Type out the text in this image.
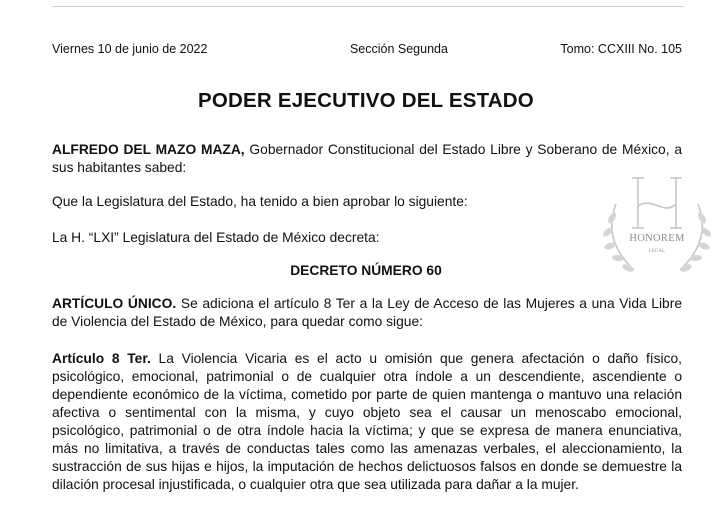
Viernes 10 de junio de 2022	Sección Segunda	Tomo: CCXIII No. 105
PODER EJECUTIVO DEL ESTADO
ALFREDO DEL MAZO MAZA, Gobernador Constitucional del Estado Libre y Soberano de México, a sus habitantes sabed:
Que la Legislatura del Estado, ha tenido a bien aprobar lo siguiente:
La H. “LXI” Legislatura del Estado de México decreta:
DECRETO NÚMERO 60
ARTÍCULO ÚNICO. Se adiciona el artículo 8 Ter a la Ley de Acceso de las Mujeres a una Vida Libre de Violencia del Estado de México, para quedar como sigue:
Artículo 8 Ter. La Violencia Vicaria es el acto u omisión que genera afectación o daño físico, psicológico, emocional, patrimonial o de cualquier otra índole a un descendiente, ascendiente o dependiente económico de la víctima, cometido por parte de quien mantenga o mantuvo una relación afectiva o sentimental con la misma, y cuyo objeto sea el causar un menoscabo emocional, psicológico, patrimonial o de otra índole hacia la víctima; y que se expresa de manera enunciativa, más no limitativa, a través de conductas tales como las amenazas verbales, el aleccionamiento, la sustracción de sus hijas e hijos, la imputación de hechos delictuosos falsos en donde se demuestre la dilación procesal injustificada, o cualquier otra que sea utilizada para dañar a la mujer.
HONOREM
LEGAL
